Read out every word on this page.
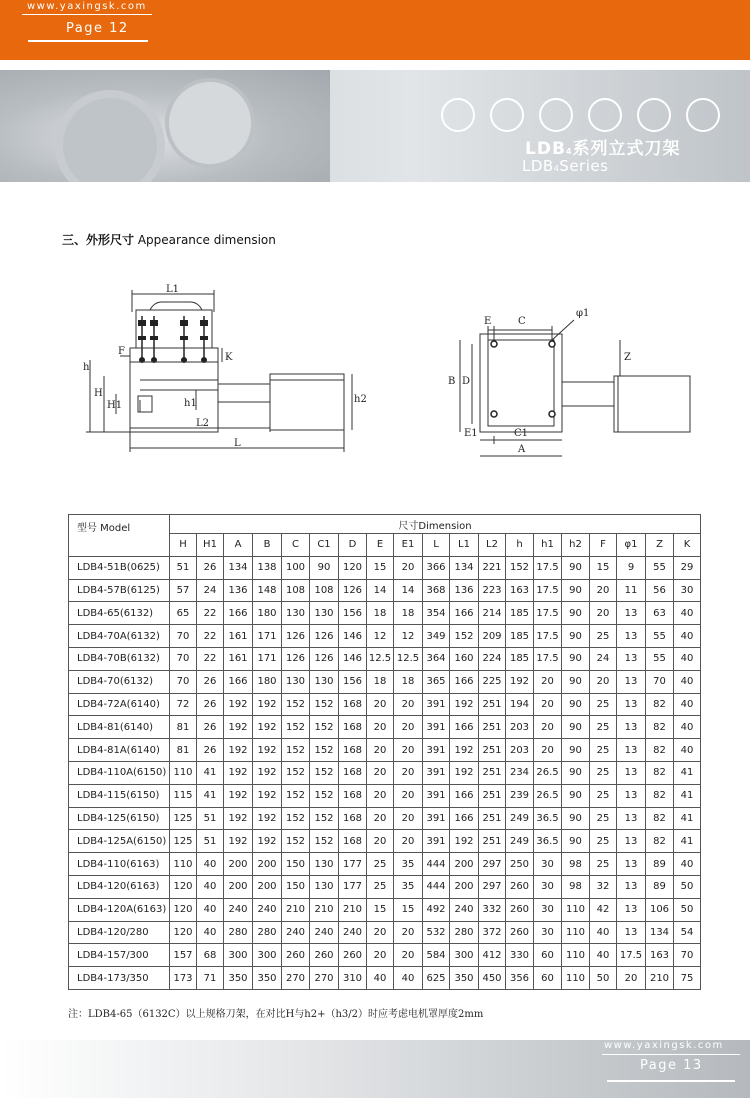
www.yaxingsk.com
Page 12
LDB4系列立式刀架
LDB4Series
三、外形尺寸 Appearance dimension
L1
h
F
K
H
H1	h1	h2
L2
L
E	C
φ1
B D
Z
E1	C1
A
型号 Model	尺寸Dimension																		
	H	H1	A	B	C	C1	D	E	E1	L	L1	L2	h	h1	h2	F	φ1	Z	K
LDB4-51B(0625)	51	26	134	138	100	90	120	15	20	366	134	221	152	17.5	90	15	9	55	29
LDB4-57B(6125)	57	24	136	148	108	108	126	14	14	368	136	223	163	17.5	90	20	11	56	30
LDB4-65(6132)	65	22	166	180	130	130	156	18	18	354	166	214	185	17.5	90	20	13	63	40
LDB4-70A(6132)	70	22	161	171	126	126	146	12	12	349	152	209	185	17.5	90	25	13	55	40
LDB4-70B(6132)	70	22	161	171	126	126	146	12.5	12.5	364	160	224	185	17.5	90	24	13	55	40
LDB4-70(6132)	70	26	166	180	130	130	156	18	18	365	166	225	192	20	90	20	13	70	40
LDB4-72A(6140)	72	26	192	192	152	152	168	20	20	391	192	251	194	20	90	25	13	82	40
LDB4-81(6140)	81	26	192	192	152	152	168	20	20	391	166	251	203	20	90	25	13	82	40
LDB4-81A(6140)	81	26	192	192	152	152	168	20	20	391	192	251	203	20	90	25	13	82	40
LDB4-110A(6150)	110	41	192	192	152	152	168	20	20	391	192	251	234	26.5	90	25	13	82	41
LDB4-115(6150)	115	41	192	192	152	152	168	20	20	391	166	251	239	26.5	90	25	13	82	41
LDB4-125(6150)	125	51	192	192	152	152	168	20	20	391	166	251	249	36.5	90	25	13	82	41
LDB4-125A(6150)	125	51	192	192	152	152	168	20	20	391	192	251	249	36.5	90	25	13	82	41
LDB4-110(6163)	110	40	200	200	150	130	177	25	35	444	200	297	250	30	98	25	13	89	40
LDB4-120(6163)	120	40	200	200	150	130	177	25	35	444	200	297	260	30	98	32	13	89	50
LDB4-120A(6163)	120	40	240	240	210	210	210	15	15	492	240	332	260	30	110	42	13	106	50
LDB4-120/280	120	40	280	280	240	240	240	20	20	532	280	372	260	30	110	40	13	134	54
LDB4-157/300	157	68	300	300	260	260	260	20	20	584	300	412	330	60	110	40	17.5	163	70
LDB4-173/350	173	71	350	350	270	270	310	40	40	625	350	450	356	60	110	50	20	210	75
注：LDB4-65（6132C）以上规格刀架，在对比H与h2+（h3/2）时应考虑电机罩厚度2mm
www.yaxingsk.com
Page 13
